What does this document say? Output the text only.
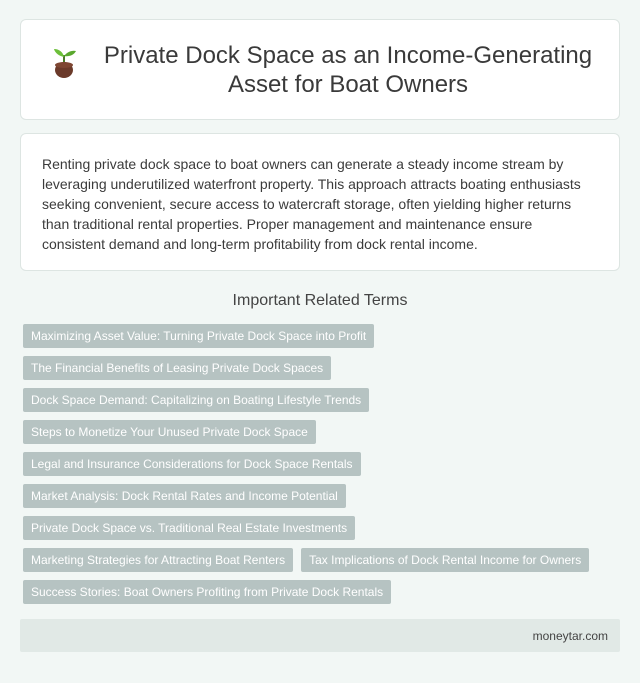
Private Dock Space as an Income-Generating Asset for Boat Owners

Renting private dock space to boat owners can generate a steady income stream by leveraging underutilized waterfront property. This approach attracts boating enthusiasts seeking convenient, secure access to watercraft storage, often yielding higher returns than traditional rental properties. Proper management and maintenance ensure consistent demand and long-term profitability from dock rental income.

Important Related Terms
Maximizing Asset Value: Turning Private Dock Space into Profit
The Financial Benefits of Leasing Private Dock Spaces
Dock Space Demand: Capitalizing on Boating Lifestyle Trends
Steps to Monetize Your Unused Private Dock Space
Legal and Insurance Considerations for Dock Space Rentals
Market Analysis: Dock Rental Rates and Income Potential
Private Dock Space vs. Traditional Real Estate Investments
Marketing Strategies for Attracting Boat Renters	Tax Implications of Dock Rental Income for Owners
Success Stories: Boat Owners Profiting from Private Dock Rentals
moneytar.com
